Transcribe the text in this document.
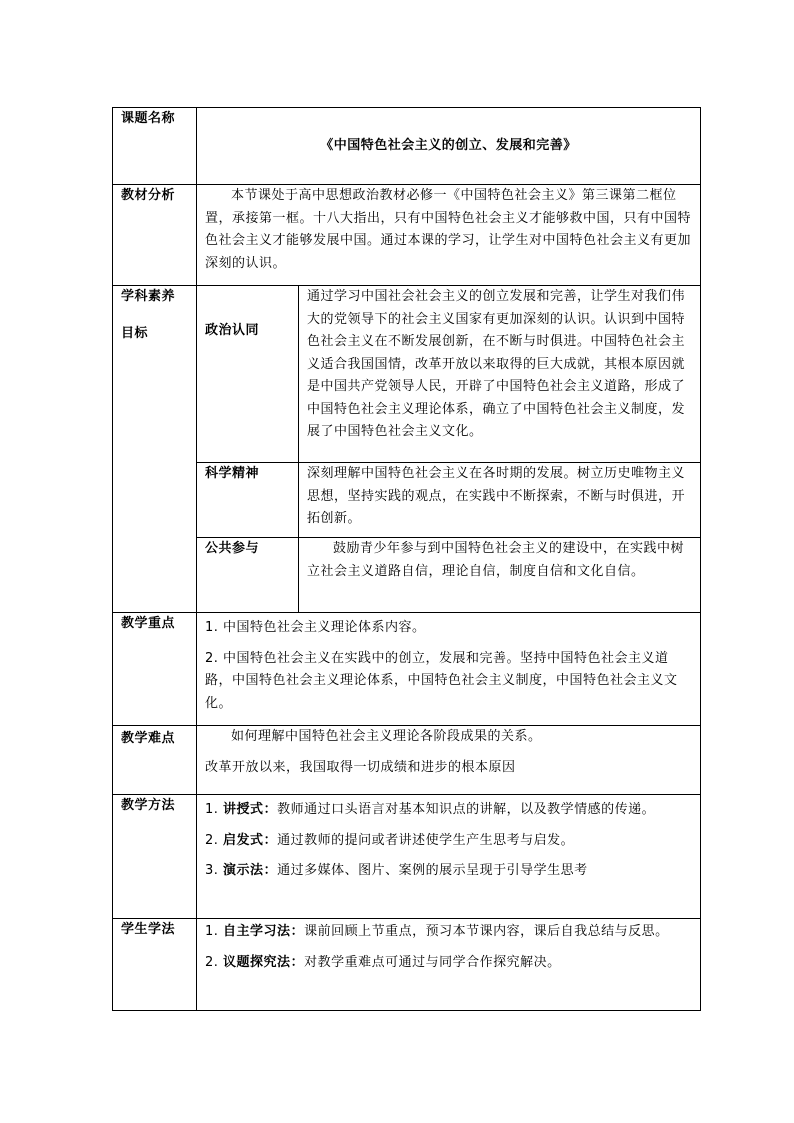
课题名称	《中国特色社会主义的创立、发展和完善》	
教材分析	本节课处于高中思想政治教材必修一《中国特色社会主义》第三课第二框位置，承接第一框。十八大指出，只有中国特色社会主义才能够救中国，只有中国特色社会主义才能够发展中国。通过本课的学习，让学生对中国特色社会主义有更加深刻的认识。	

学科素养
目标	政治认同	通过学习中国社会社会主义的创立发展和完善，让学生对我们伟大的党领导下的社会主义国家有更加深刻的认识。认识到中国特色社会主义在不断发展创新，在不断与时俱进。中国特色社会主义适合我国国情，改革开放以来取得的巨大成就，其根本原因就是中国共产党领导人民，开辟了中国特色社会主义道路，形成了中国特色社会主义理论体系，确立了中国特色社会主义制度，发展了中国特色社会主义文化。

	科学精神	深刻理解中国特色社会主义在各时期的发展。树立历史唯物主义思想，坚持实践的观点，在实践中不断探索，不断与时俱进，开拓创新。

	公共参与	鼓励青少年参与到中国特色社会主义的建设中，在实践中树立社会主义道路自信，理论自信，制度自信和文化自信。

教学重点	1. 中国特色社会主义理论体系内容。

2. 中国特色社会主义在实践中的创立，发展和完善。坚持中国特色社会主义道路，中国特色社会主义理论体系，中国特色社会主义制度，中国特色社会主义文化。	

教学难点	如何理解中国特色社会主义理论各阶段成果的关系。

改革开放以来，我国取得一切成绩和进步的根本原因	

教学方法	1. 讲授式：教师通过口头语言对基本知识点的讲解，以及教学情感的传递。

2. 启发式：通过教师的提问或者讲述使学生产生思考与启发。

3. 演示法：通过多媒体、图片、案例的展示呈现于引导学生思考	

学生学法	1. 自主学习法：课前回顾上节重点，预习本节课内容，课后自我总结与反思。

2. 议题探究法：对教学重难点可通过与同学合作探究解决。	
